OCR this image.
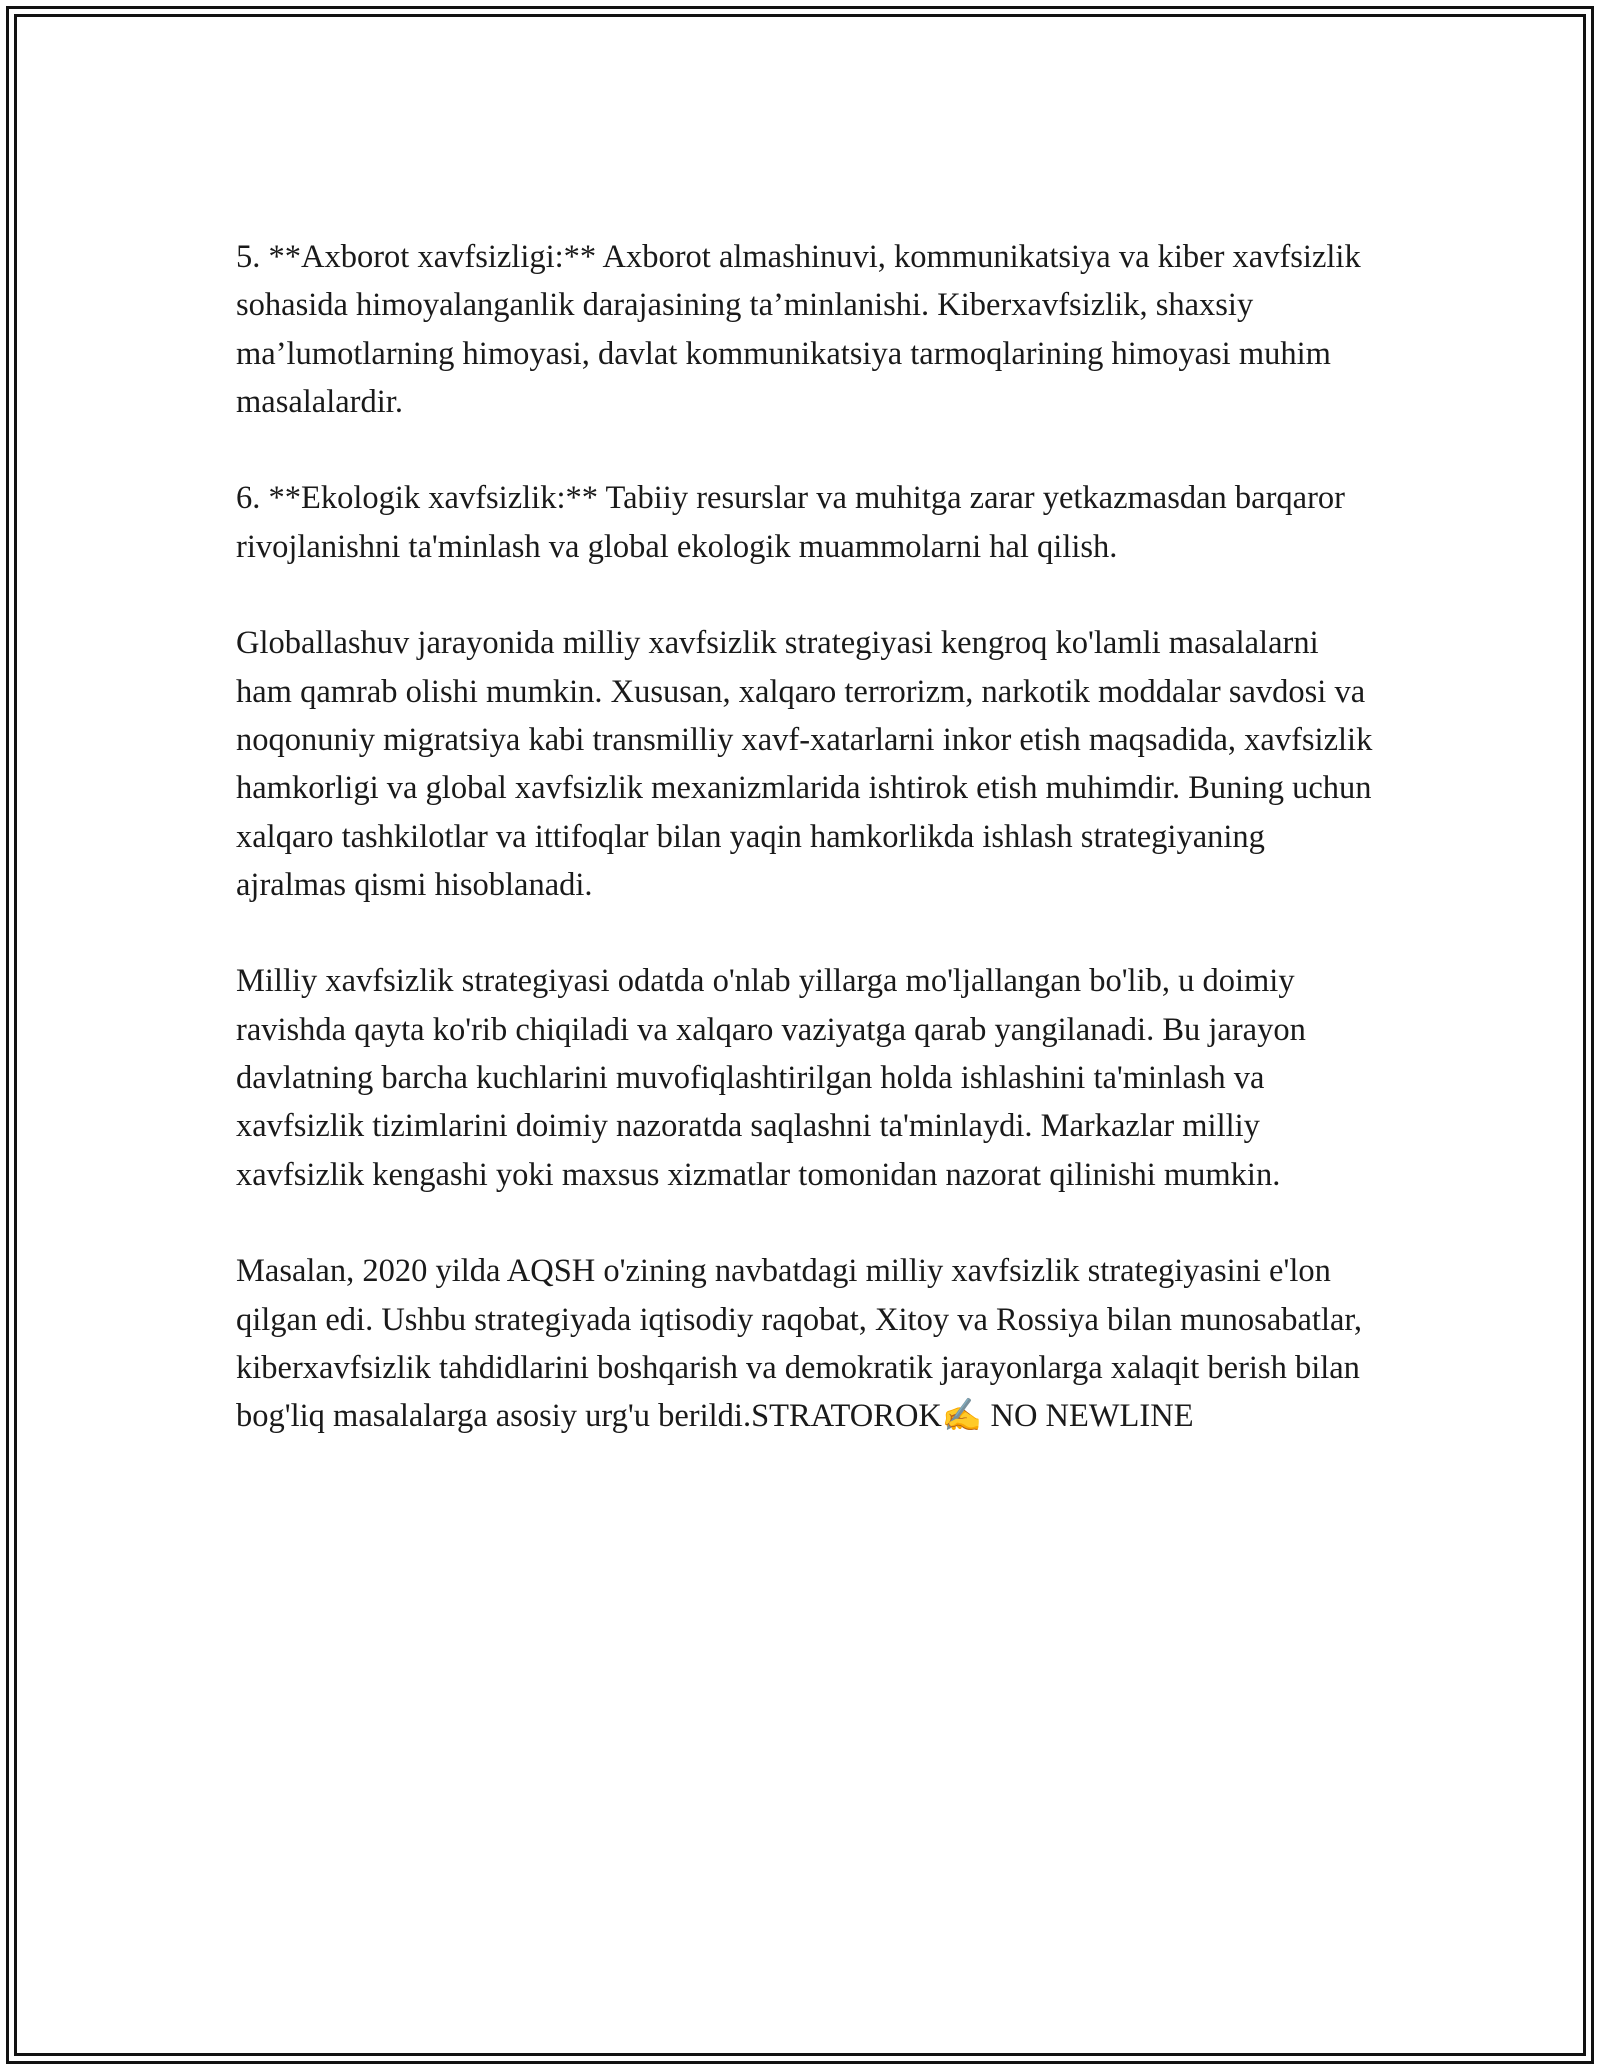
5. **Axborot xavfsizligi:** Axborot almashinuvi, kommunikatsiya va kiber xavfsizlik sohasida himoyalanganlik darajasining ta’minlanishi. Kiberxavfsizlik, shaxsiy ma’lumotlarning himoyasi, davlat kommunikatsiya tarmoqlarining himoyasi muhim masalalardir.

6. **Ekologik xavfsizlik:** Tabiiy resurslar va muhitga zarar yetkazmasdan barqaror rivojlanishni ta'minlash va global ekologik muammolarni hal qilish.

Globallashuv jarayonida milliy xavfsizlik strategiyasi kengroq ko'lamli masalalarni ham qamrab olishi mumkin. Xususan, xalqaro terrorizm, narkotik moddalar savdosi va noqonuniy migratsiya kabi transmilliy xavf-xatarlarni inkor etish maqsadida, xavfsizlik hamkorligi va global xavfsizlik mexanizmlarida ishtirok etish muhimdir. Buning uchun xalqaro tashkilotlar va ittifoqlar bilan yaqin hamkorlikda ishlash strategiyaning ajralmas qismi hisoblanadi.

Milliy xavfsizlik strategiyasi odatda o'nlab yillarga mo'ljallangan bo'lib, u doimiy ravishda qayta ko'rib chiqiladi va xalqaro vaziyatga qarab yangilanadi. Bu jarayon davlatning barcha kuchlarini muvofiqlashtirilgan holda ishlashini ta'minlash va xavfsizlik tizimlarini doimiy nazoratda saqlashni ta'minlaydi. Markazlar milliy xavfsizlik kengashi yoki maxsus xizmatlar tomonidan nazorat qilinishi mumkin.

Masalan, 2020 yilda AQSH o'zining navbatdagi milliy xavfsizlik strategiyasini e'lon qilgan edi. Ushbu strategiyada iqtisodiy raqobat, Xitoy va Rossiya bilan munosabatlar, kiberxavfsizlik tahdidlarini boshqarish va demokratik jarayonlarga xalaqit berish bilan bog'liq masalalarga asosiy urg'u berildi.STRATOROK✍ NO NEWLINE
